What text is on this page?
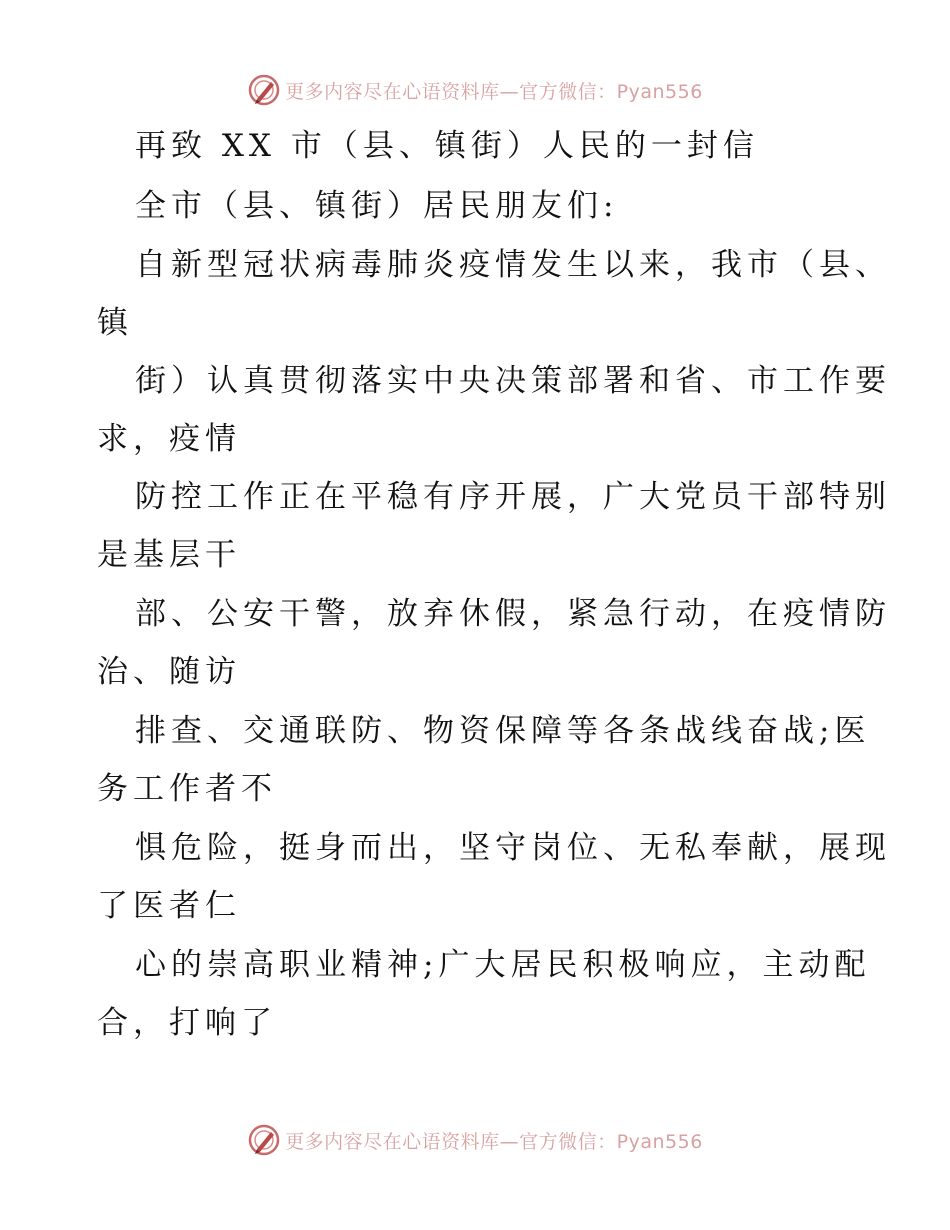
更多内容尽在心语资料库—官方微信：Pyan556
再致 XX 市（县、镇街）人民的一封信
全市（县、镇街）居民朋友们:
自新型冠状病毒肺炎疫情发生以来，我市（县、
镇
街）认真贯彻落实中央决策部署和省、市工作要
求，疫情
防控工作正在平稳有序开展，广大党员干部特别
是基层干
部、公安干警，放弃休假，紧急行动，在疫情防
治、随访
排查、交通联防、物资保障等各条战线奋战;医
务工作者不
惧危险，挺身而出，坚守岗位、无私奉献，展现
了医者仁
心的崇高职业精神;广大居民积极响应，主动配
合，打响了
更多内容尽在心语资料库—官方微信：Pyan556
